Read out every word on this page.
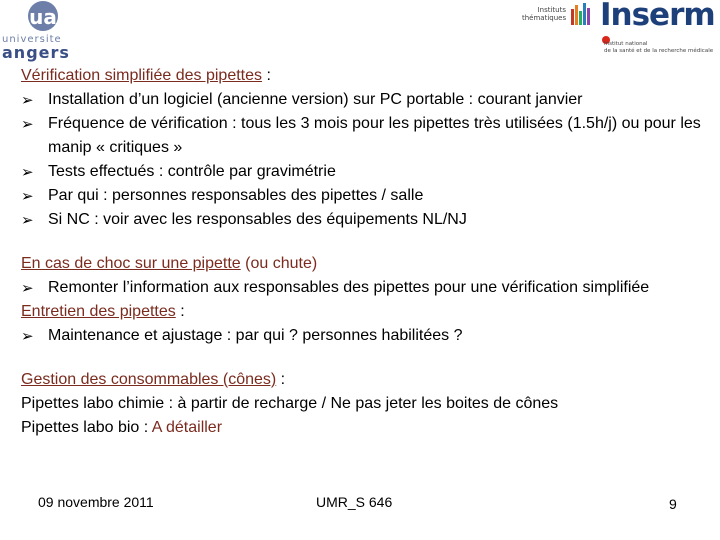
ua
universite
angers
Instituts thématiques Inserm
Institut national
de la santé et de la recherche médicale
Vérification simplifiée des pipettes :
➢ Installation d’un logiciel (ancienne version) sur PC portable : courant janvier
➢ Fréquence de vérification : tous les 3 mois pour les pipettes très utilisées (1.5h/j) ou pour les manip « critiques »
➢ Tests effectués : contrôle par gravimétrie
➢ Par qui : personnes responsables des pipettes / salle
➢ Si NC : voir avec les responsables des équipements NL/NJ
En cas de choc sur une pipette (ou chute)
➢ Remonter l’information aux responsables des pipettes pour une vérification simplifiée
Entretien des pipettes :
➢ Maintenance et ajustage : par qui ? personnes habilitées ?
Gestion des consommables (cônes) :
Pipettes labo chimie : à partir de recharge / Ne pas jeter les boites de cônes
Pipettes labo bio : A détailler
09 novembre 2011	UMR_S 646	9
